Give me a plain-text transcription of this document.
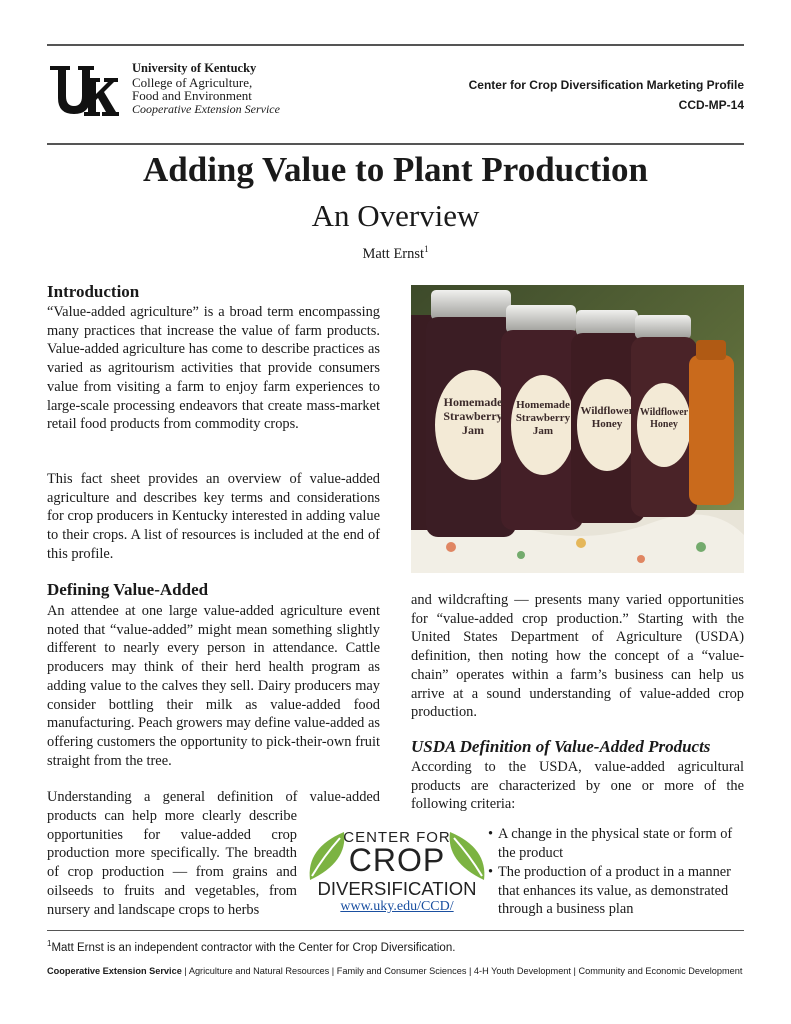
University of Kentucky
College of Agriculture,
Food and Environment
Cooperative Extension Service
Center for Crop Diversification Marketing Profile
CCD-MP-14
Adding Value to Plant Production
An Overview
Matt Ernst$^1$
Introduction

“Value-added agriculture” is a broad term encompassing many practices that increase the value of farm products. Value-added agriculture has come to describe practices as varied as agritourism activities that provide consumers value from visiting a farm to enjoy farm experiences to large-scale processing endeavors that create mass-market retail food products from commodity crops.

This fact sheet provides an overview of value-added agriculture and describes key terms and considerations for crop producers in Kentucky interested in adding value to their crops. A list of resources is included at the end of this profile.

Defining Value-Added

An attendee at one large value-added agriculture event noted that “value-added” might mean something slightly different to nearly every person in attendance. Cattle producers may think of their herd health program as adding value to the calves they sell. Dairy producers may consider bottling their milk as value-added food manufacturing. Peach growers may define value-added as offering customers the opportunity to pick-their-own fruit straight from the tree.

Understanding a general definition of value-added

products can help more clearly describe opportunities for value-added crop production more specifically. The breadth of crop production — from grains and oilseeds to fruits and vegetables, from nursery and landscape crops to herbs

Homemade Strawberry Jam
Homemade Strawberry Jam
Wildflower Honey
Wildflower Honey

and wildcrafting — presents many varied opportunities for “value-added crop production.” Starting with the United States Department of Agriculture (USDA) definition, then noting how the concept of a “value-chain” operates within a farm’s business can help us arrive at a sound understanding of value-added crop production.

USDA Definition of Value-Added Products

According to the USDA, value-added agricultural products are characterized by one or more of the following criteria:

• A change in the physical state or form of the product
• The production of a product in a manner that enhances its value, as demonstrated through a business plan
CENTER FOR
CROP
DIVERSIFICATION
www.uky.edu/CCD/
$^1$Matt Ernst is an independent contractor with the Center for Crop Diversification.
Cooperative Extension Service | Agriculture and Natural Resources | Family and Consumer Sciences | 4-H Youth Development | Community and Economic Development
